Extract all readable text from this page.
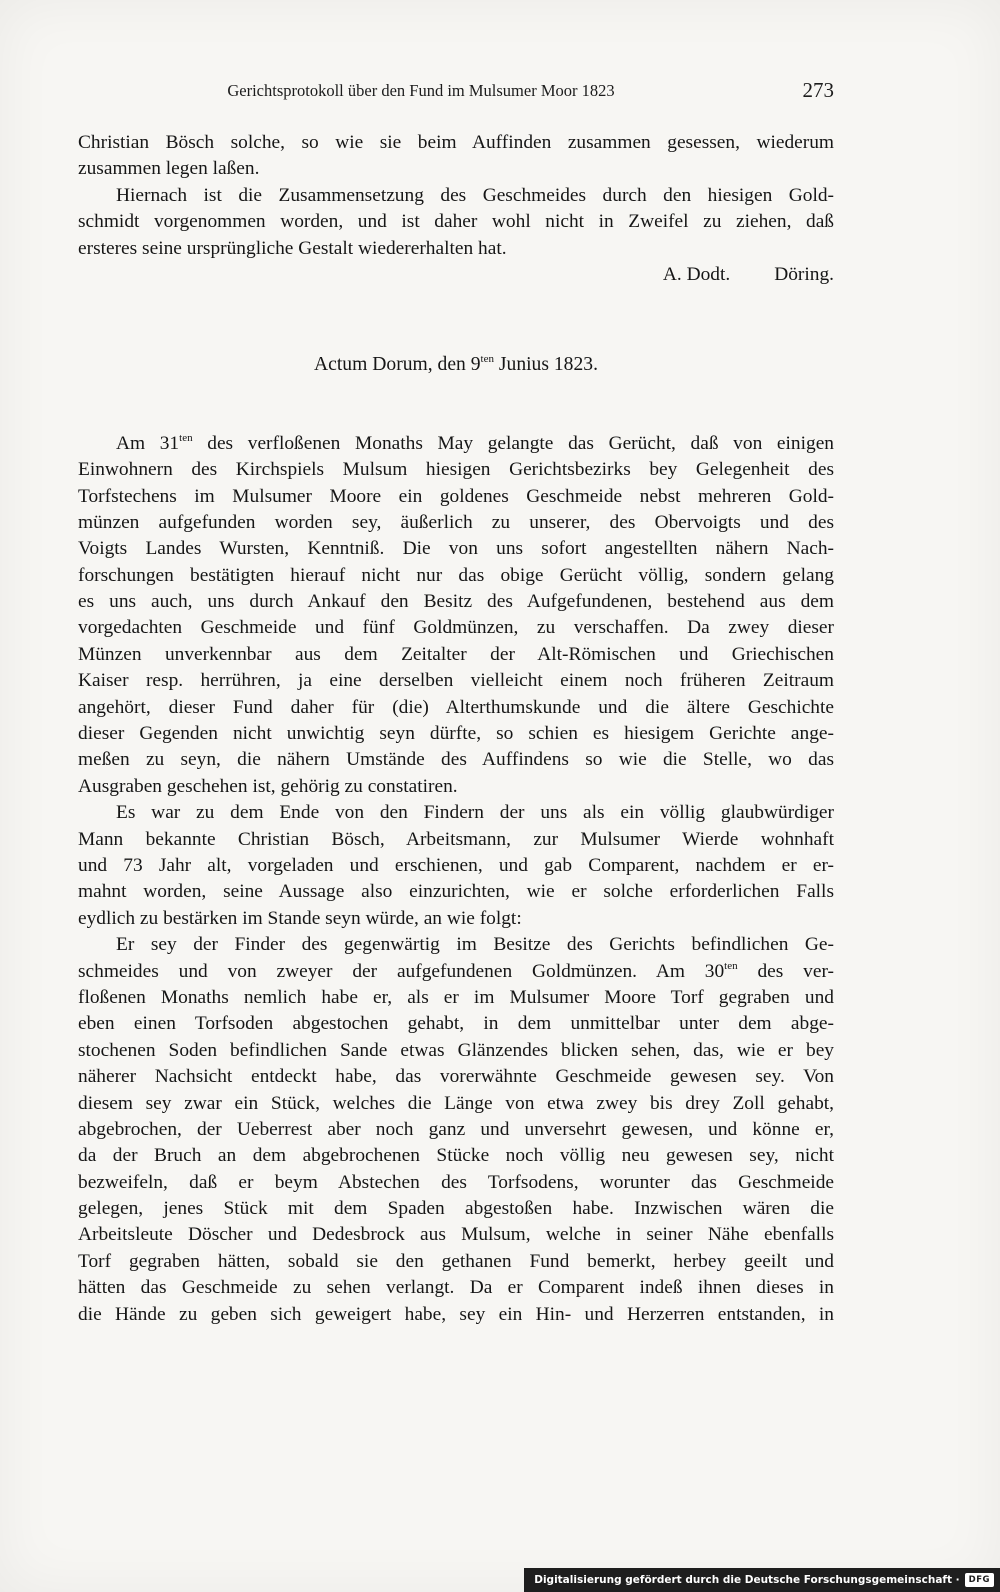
Gerichtsprotokoll über den Fund im Mulsumer Moor 1823	273
Christian Bösch solche, so wie sie beim Auffinden zusammen gesessen, wiederum
zusammen legen laßen.
Hiernach ist die Zusammensetzung des Geschmeides durch den hiesigen Gold-
schmidt vorgenommen worden, und ist daher wohl nicht in Zweifel zu ziehen, daß
ersteres seine ursprüngliche Gestalt wiedererhalten hat.
A. Dodt. Döring.
Actum Dorum, den $9^{ten}$ Junius 1823.
Am $31^{ten}$ des verfloßenen Monaths May gelangte das Gerücht, daß von einigen
Einwohnern des Kirchspiels Mulsum hiesigen Gerichtsbezirks bey Gelegenheit des
Torfstechens im Mulsumer Moore ein goldenes Geschmeide nebst mehreren Gold-
münzen aufgefunden worden sey, äußerlich zu unserer, des Obervoigts und des
Voigts Landes Wursten, Kenntniß. Die von uns sofort angestellten nähern Nach-
forschungen bestätigten hierauf nicht nur das obige Gerücht völlig, sondern gelang
es uns auch, uns durch Ankauf den Besitz des Aufgefundenen, bestehend aus dem
vorgedachten Geschmeide und fünf Goldmünzen, zu verschaffen. Da zwey dieser
Münzen unverkennbar aus dem Zeitalter der Alt-Römischen und Griechischen
Kaiser resp. herrühren, ja eine derselben vielleicht einem noch früheren Zeitraum
angehört, dieser Fund daher für (die) Alterthumskunde und die ältere Geschichte
dieser Gegenden nicht unwichtig seyn dürfte, so schien es hiesigem Gerichte ange-
meßen zu seyn, die nähern Umstände des Auffindens so wie die Stelle, wo das
Ausgraben geschehen ist, gehörig zu constatiren.
Es war zu dem Ende von den Findern der uns als ein völlig glaubwürdiger
Mann bekannte Christian Bösch, Arbeitsmann, zur Mulsumer Wierde wohnhaft
und 73 Jahr alt, vorgeladen und erschienen, und gab Comparent, nachdem er er-
mahnt worden, seine Aussage also einzurichten, wie er solche erforderlichen Falls
eydlich zu bestärken im Stande seyn würde, an wie folgt:
Er sey der Finder des gegenwärtig im Besitze des Gerichts befindlichen Ge-
schmeides und von zweyer der aufgefundenen Goldmünzen. Am $30^{ten}$ des ver-
floßenen Monaths nemlich habe er, als er im Mulsumer Moore Torf gegraben und
eben einen Torfsoden abgestochen gehabt, in dem unmittelbar unter dem abge-
stochenen Soden befindlichen Sande etwas Glänzendes blicken sehen, das, wie er bey
näherer Nachsicht entdeckt habe, das vorerwähnte Geschmeide gewesen sey. Von
diesem sey zwar ein Stück, welches die Länge von etwa zwey bis drey Zoll gehabt,
abgebrochen, der Ueberrest aber noch ganz und unversehrt gewesen, und könne er,
da der Bruch an dem abgebrochenen Stücke noch völlig neu gewesen sey, nicht
bezweifeln, daß er beym Abstechen des Torfsodens, worunter das Geschmeide
gelegen, jenes Stück mit dem Spaden abgestoßen habe. Inzwischen wären die
Arbeitsleute Döscher und Dedesbrock aus Mulsum, welche in seiner Nähe ebenfalls
Torf gegraben hätten, sobald sie den gethanen Fund bemerkt, herbey geeilt und
hätten das Geschmeide zu sehen verlangt. Da er Comparent indeß ihnen dieses in
die Hände zu geben sich geweigert habe, sey ein Hin- und Herzerren entstanden, in
Digitalisierung gefördert durch die Deutsche Forschungsgemeinschaft ·	DFG
